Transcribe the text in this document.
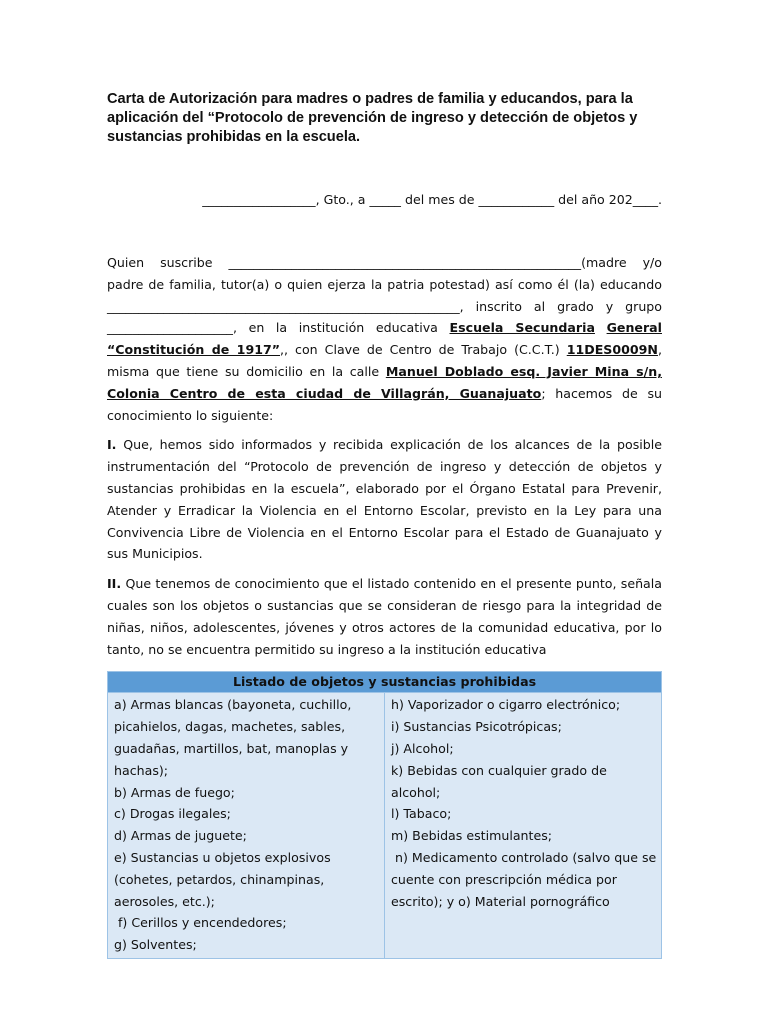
Carta de Autorización para madres o padres de familia y educandos, para la aplicación del “Protocolo de prevención de ingreso y detección de objetos y sustancias prohibidas en la escuela.

__________________, Gto., a _____ del mes de ____________ del año 202____.

Quien suscribe ________________________________________________________(madre y/o padre de familia, tutor(a) o quien ejerza la patria potestad) así como él (la) educando ________________________________________________________, inscrito al grado y grupo ____________________, en la institución educativa Escuela Secundaria General “Constitución de 1917”,, con Clave de Centro de Trabajo (C.C.T.) 11DES0009N, misma que tiene su domicilio en la calle Manuel Doblado esq. Javier Mina s/n, Colonia Centro de esta ciudad de Villagrán, Guanajuato; hacemos de su conocimiento lo siguiente:

I. Que, hemos sido informados y recibida explicación de los alcances de la posible instrumentación del “Protocolo de prevención de ingreso y detección de objetos y sustancias prohibidas en la escuela”, elaborado por el Órgano Estatal para Prevenir, Atender y Erradicar la Violencia en el Entorno Escolar, previsto en la Ley para una Convivencia Libre de Violencia en el Entorno Escolar para el Estado de Guanajuato y sus Municipios.

II. Que tenemos de conocimiento que el listado contenido en el presente punto, señala cuales son los objetos o sustancias que se consideran de riesgo para la integridad de niñas, niños, adolescentes, jóvenes y otros actores de la comunidad educativa, por lo tanto, no se encuentra permitido su ingreso a la institución educativa

Listado de objetos y sustancias prohibidas

a) Armas blancas (bayoneta, cuchillo, picahielos, dagas, machetes, sables, guadañas, martillos, bat, manoplas y hachas);
b) Armas de fuego;
c) Drogas ilegales;
d) Armas de juguete;
e) Sustancias u objetos explosivos (cohetes, petardos, chinampinas, aerosoles, etc.);
f) Cerillos y encendedores;
g) Solventes;

h) Vaporizador o cigarro electrónico;
i) Sustancias Psicotrópicas;
j) Alcohol;
k) Bebidas con cualquier grado de alcohol;
l) Tabaco;
m) Bebidas estimulantes;
n) Medicamento controlado (salvo que se cuente con prescripción médica por escrito); y o) Material pornográfico
